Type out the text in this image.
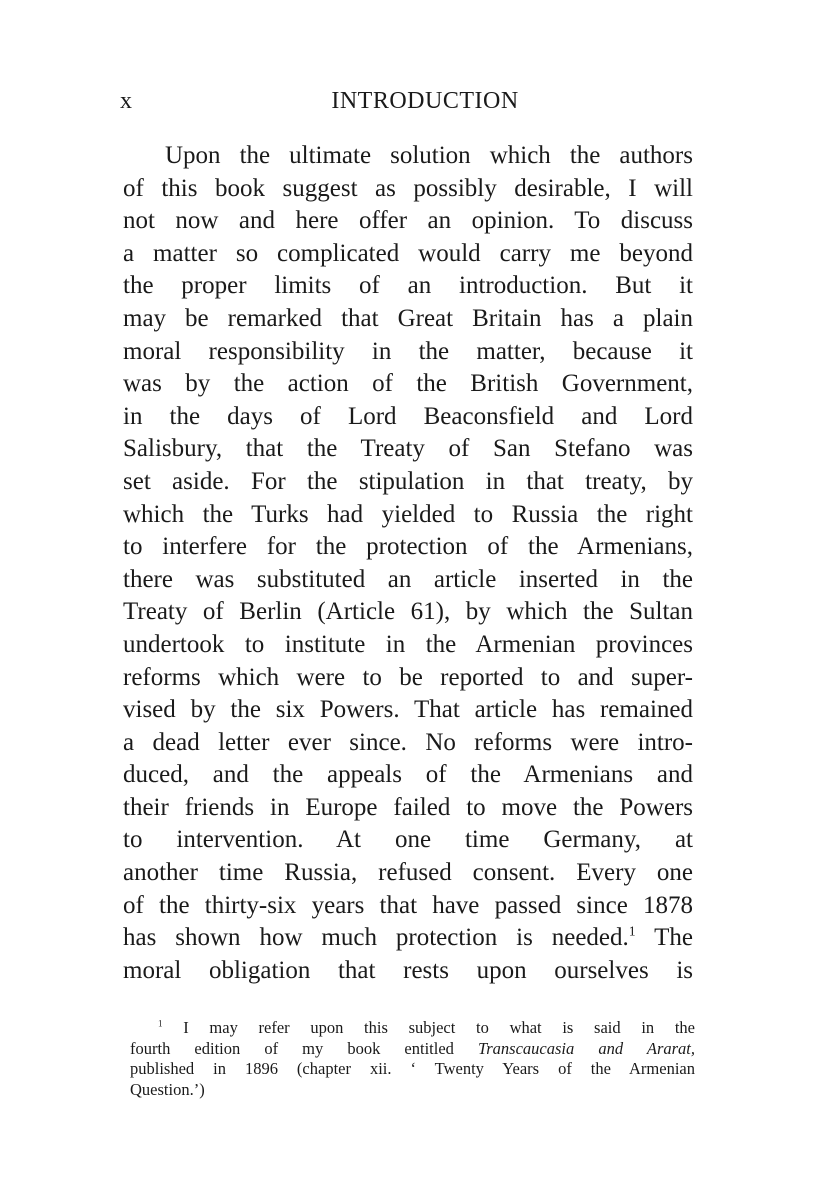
x	INTRODUCTION
Upon the ultimate solution which the authors
of this book suggest as possibly desirable, I will
not now and here offer an opinion. To discuss
a matter so complicated would carry me beyond
the proper limits of an introduction. But it
may be remarked that Great Britain has a plain
moral responsibility in the matter, because it
was by the action of the British Government,
in the days of Lord Beaconsfield and Lord
Salisbury, that the Treaty of San Stefano was
set aside. For the stipulation in that treaty, by
which the Turks had yielded to Russia the right
to interfere for the protection of the Armenians,
there was substituted an article inserted in the
Treaty of Berlin (Article 61), by which the Sultan
undertook to institute in the Armenian provinces
reforms which were to be reported to and super-
vised by the six Powers. That article has remained
a dead letter ever since. No reforms were intro-
duced, and the appeals of the Armenians and
their friends in Europe failed to move the Powers
to intervention. At one time Germany, at
another time Russia, refused consent. Every one
of the thirty-six years that have passed since 1878
has shown how much protection is needed.$^1$ The
moral obligation that rests upon ourselves is
$^1$ I may refer upon this subject to what is said in the
fourth edition of my book entitled Transcaucasia and Ararat,
published in 1896 (chapter xii. ‘ Twenty Years of the Armenian
Question.’)
